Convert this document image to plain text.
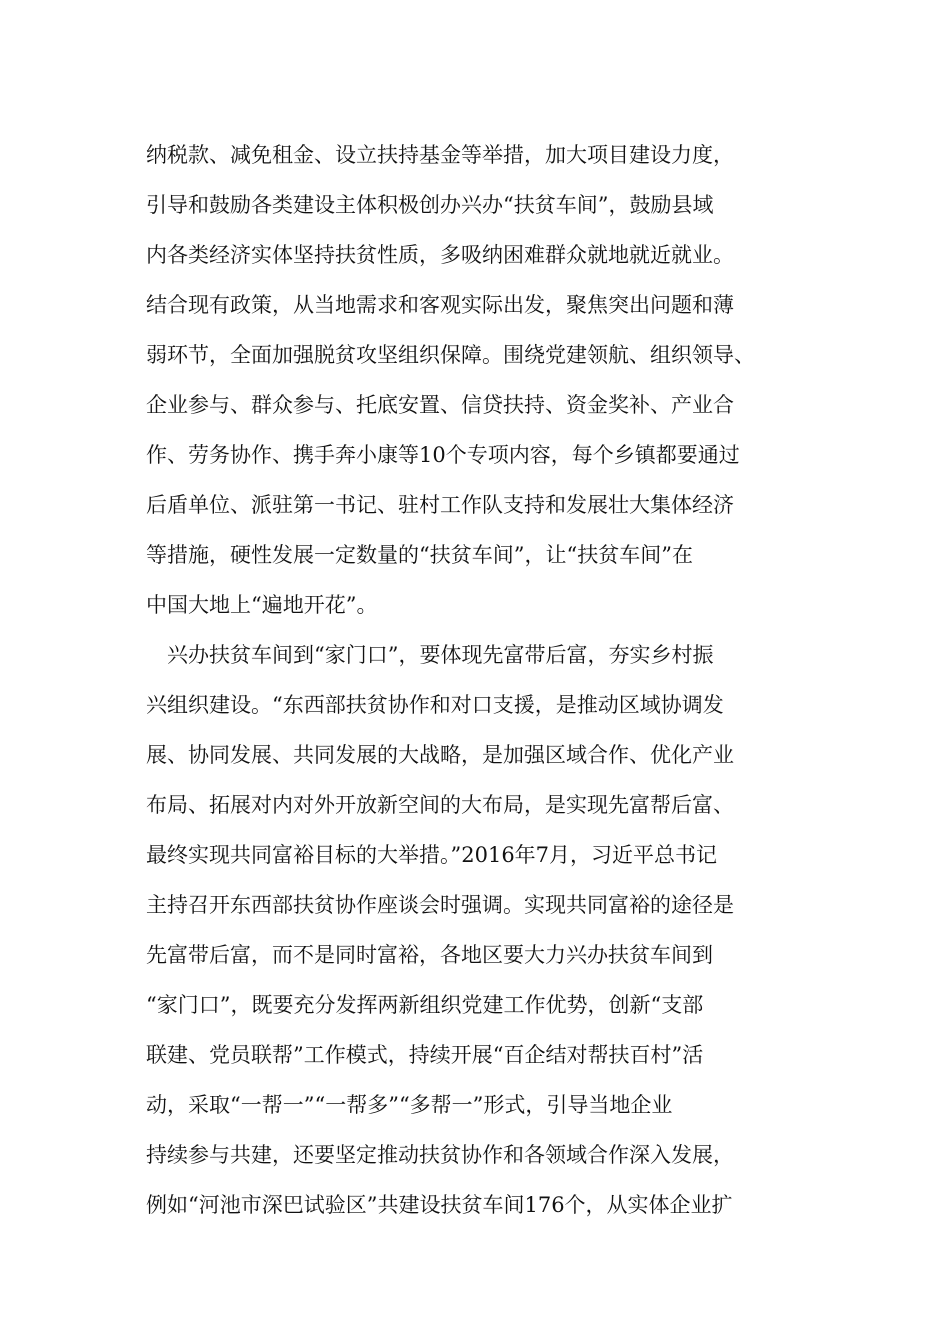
纳税款、减免租金、设立扶持基金等举措，加大项目建设力度，
引导和鼓励各类建设主体积极创办兴办“扶贫车间”，鼓励县域
内各类经济实体坚持扶贫性质，多吸纳困难群众就地就近就业。
结合现有政策，从当地需求和客观实际出发，聚焦突出问题和薄
弱环节，全面加强脱贫攻坚组织保障。围绕党建领航、组织领导、
企业参与、群众参与、托底安置、信贷扶持、资金奖补、产业合
作、劳务协作、携手奔小康等10个专项内容，每个乡镇都要通过
后盾单位、派驻第一书记、驻村工作队支持和发展壮大集体经济
等措施，硬性发展一定数量的“扶贫车间”，让“扶贫车间”在
中国大地上“遍地开花”。
　兴办扶贫车间到“家门口”，要体现先富带后富，夯实乡村振
兴组织建设。“东西部扶贫协作和对口支援，是推动区域协调发
展、协同发展、共同发展的大战略，是加强区域合作、优化产业
布局、拓展对内对外开放新空间的大布局，是实现先富帮后富、
最终实现共同富裕目标的大举措。”2016年7月，习近平总书记
主持召开东西部扶贫协作座谈会时强调。实现共同富裕的途径是
先富带后富，而不是同时富裕，各地区要大力兴办扶贫车间到
“家门口”，既要充分发挥两新组织党建工作优势，创新“支部
联建、党员联帮”工作模式，持续开展“百企结对帮扶百村”活
动，采取“一帮一”“一帮多”“多帮一”形式，引导当地企业
持续参与共建，还要坚定推动扶贫协作和各领域合作深入发展，
例如“河池市深巴试验区”共建设扶贫车间176个，从实体企业扩
